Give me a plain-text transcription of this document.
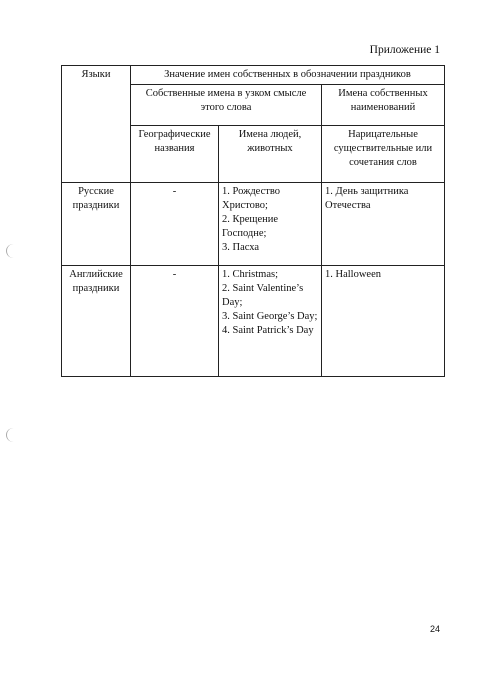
Приложение 1
Языки	Значение имен собственных в обозначении праздников		
	Собственные имена в узком смысле этого слова		Имена собственных наименований
	Географические названия	Имена людей, животных	Нарицательные существительные или сочетания слов
Русские праздники	-	1. Рождество Христово;
2. Крещение Господне;
3. Пасха	1. День защитника Отечества

Английские праздники	-	1. Christmas;
2. Saint Valentine’s Day;
3. Saint George’s Day;
4. Saint Patrick’s Day	1. Halloween
24
